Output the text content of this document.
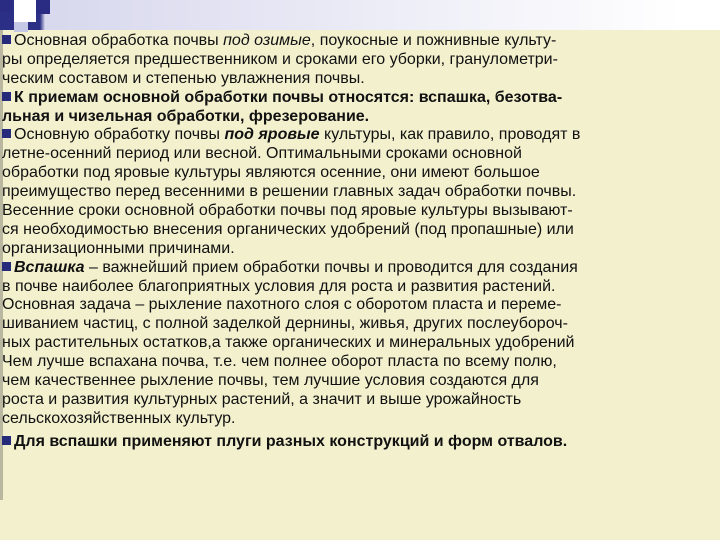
Основная обработка почвы под озимые, поукосные и пожнивные культу-
ры определяется предшественником и сроками его уборки, гранулометри-
ческим составом и степенью увлажнения почвы.
К приемам основной обработки почвы относятся: вспашка, безотва-
льная и чизельная обработки, фрезерование.
Основную обработку почвы под яровые культуры, как правило, проводят в
летне-осенний период или весной. Оптимальными сроками основной
обработки под яровые культуры являются осенние, они имеют большое
преимущество перед весенними в решении главных задач обработки почвы.
Весенние сроки основной обработки почвы под яровые культуры вызывают-
ся необходимостью внесения органических удобрений (под пропашные) или
организационными причинами.
Вспашка – важнейший прием обработки почвы и проводится для создания
в почве наиболее благоприятных условия для роста и развития растений.
Основная задача – рыхление пахотного слоя с оборотом пласта и переме-
шиванием частиц, с полной заделкой дернины, живья, других послеубороч-
ных растительных остатков,а также органических и минеральных удобрений
Чем лучше вспахана почва, т.е. чем полнее оборот пласта по всему полю,
чем качественнее рыхление почвы, тем лучшие условия создаются для
роста и развития культурных растений, а значит и выше урожайность
сельскохозяйственных культур.
Для вспашки применяют плуги разных конструкций и форм отвалов.
